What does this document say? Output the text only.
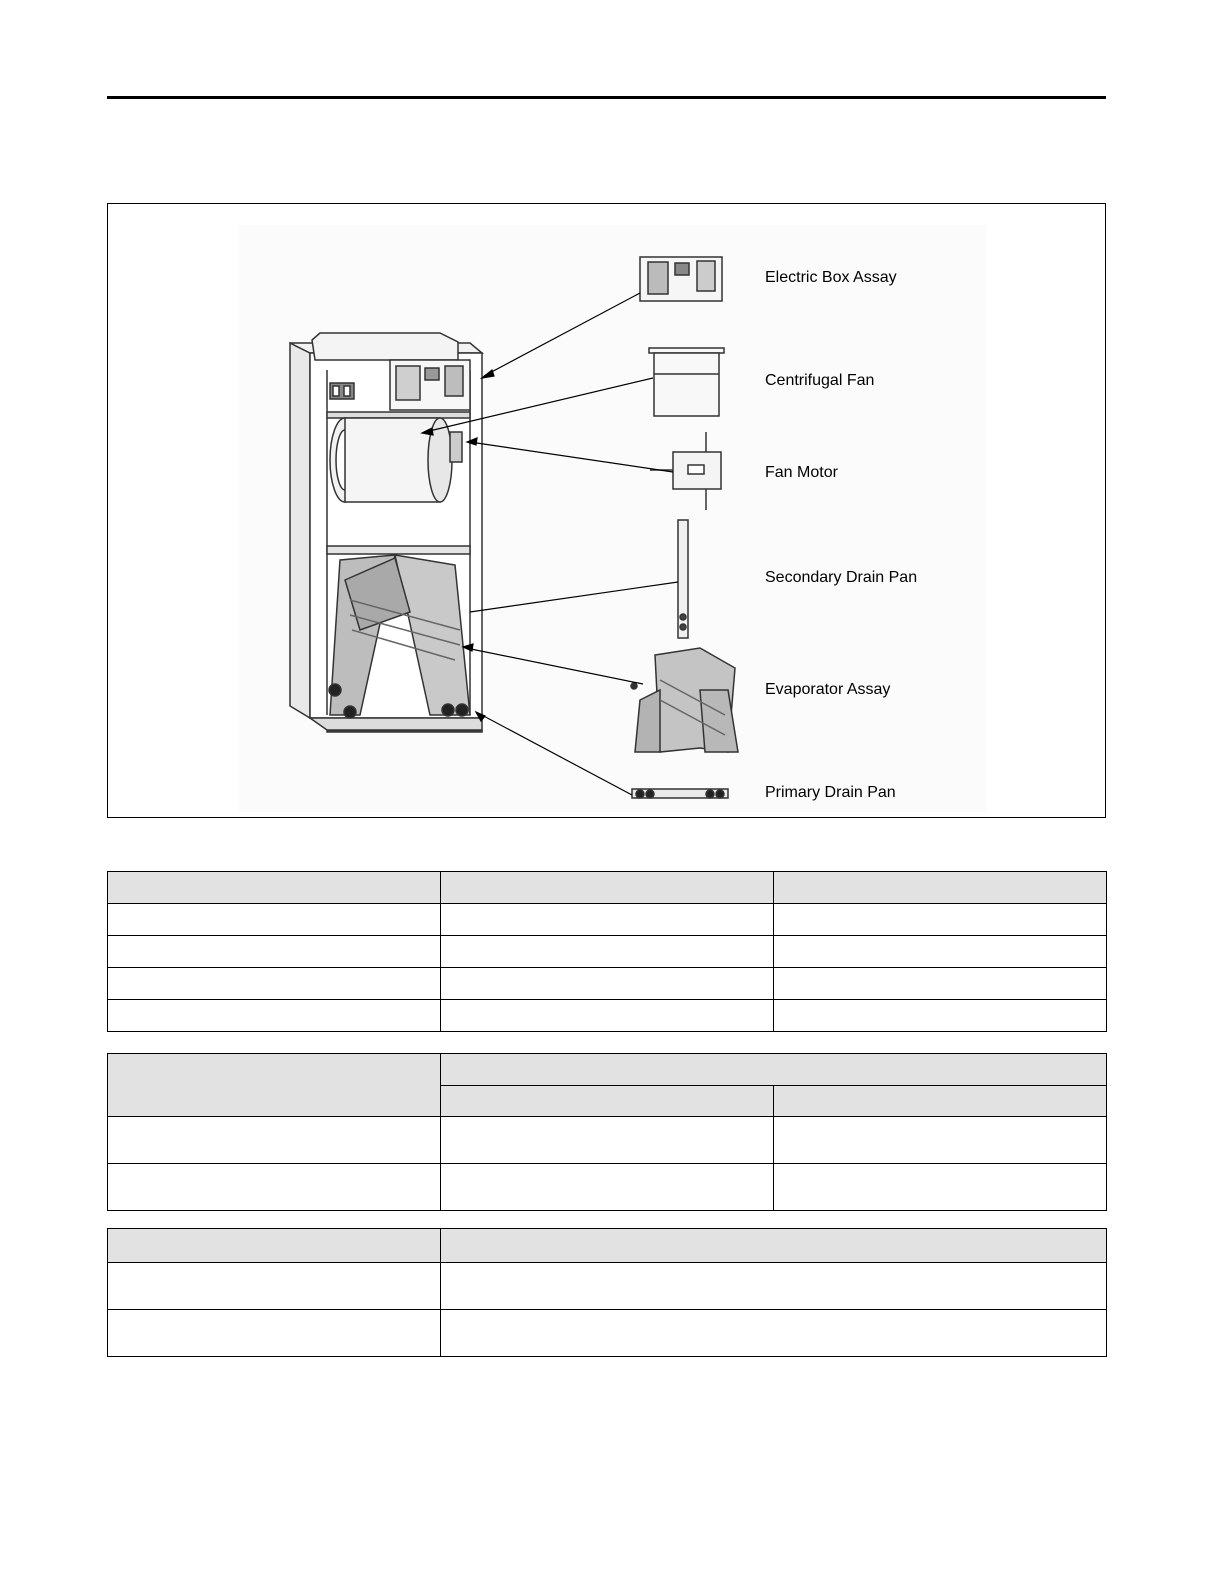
Electric Box Assay
Centrifugal Fan
Fan Motor
Secondary Drain Pan
Evaporator Assay
Primary Drain Pan
